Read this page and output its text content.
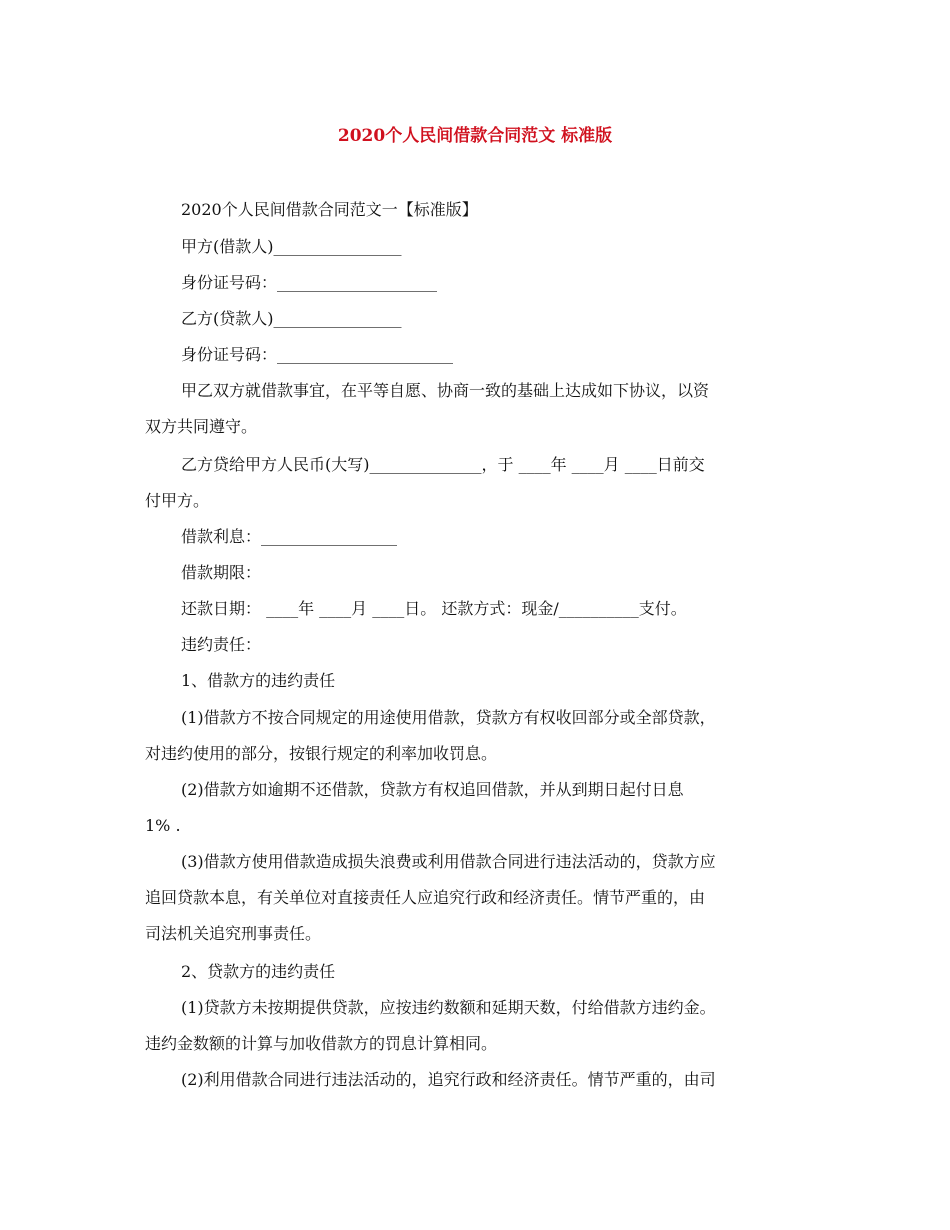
2020个人民间借款合同范文 标准版
2020个人民间借款合同范文一【标准版】
甲方(借款人)________________
身份证号码：____________________
乙方(贷款人)________________
身份证号码：______________________
甲乙双方就借款事宜，在平等自愿、协商一致的基础上达成如下协议，以资
双方共同遵守。
乙方贷给甲方人民币(大写)______________，于 ____年 ____月 ____日前交
付甲方。
借款利息：_________________
借款期限：
还款日期： ____年 ____月 ____日。 还款方式：现金/__________支付。
违约责任：
1、借款方的违约责任
(1)借款方不按合同规定的用途使用借款，贷款方有权收回部分或全部贷款，
对违约使用的部分，按银行规定的利率加收罚息。
(2)借款方如逾期不还借款，贷款方有权追回借款，并从到期日起付日息
1% .
(3)借款方使用借款造成损失浪费或利用借款合同进行违法活动的，贷款方应
追回贷款本息，有关单位对直接责任人应追究行政和经济责任。情节严重的，由
司法机关追究刑事责任。
2、贷款方的违约责任
(1)贷款方未按期提供贷款，应按违约数额和延期天数，付给借款方违约金。
违约金数额的计算与加收借款方的罚息计算相同。
(2)利用借款合同进行违法活动的，追究行政和经济责任。情节严重的，由司
